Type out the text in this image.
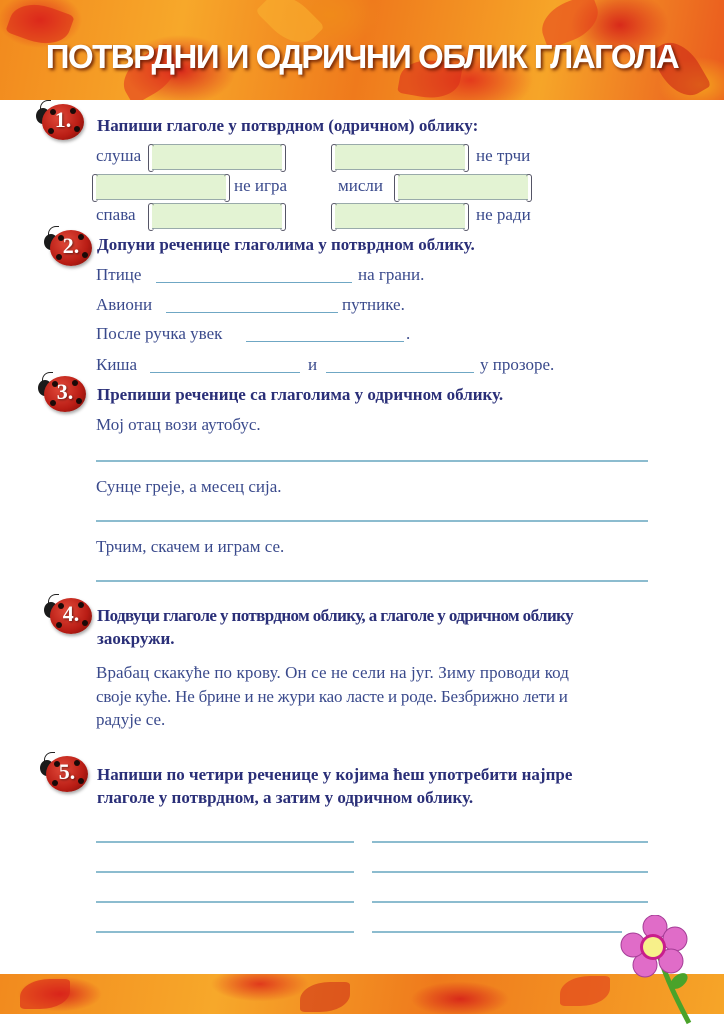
ПОТВРДНИ И ОДРИЧНИ ОБЛИК ГЛАГОЛА
1. Напиши глаголе у потврдном (одричном) облику:
слуша	не трчи
не игра	мисли
спава	не ради
2. Допуни реченице глаголима у потврдном облику.
Птице	на грани.
Авиони	путнике.
После ручка увек	.
Киша	и	у прозоре.
3. Препиши реченице са глаголима у одричном облику.
Мој отац вози аутобус.
Сунце греје, а месец сија.
Трчим, скачем и играм се.
4. Подвуци глаголе у потврдном облику, а глаголе у одричном облику
заокружи.
Врабац скакуће по крову. Он се не сели на југ. Зиму проводи код
своје куће. Не брине и не жури као ласте и роде. Безбрижно лети и
радује се.
5. Напиши по четири реченице у којима ћеш употребити најпре
глаголе у потврдном, а затим у одричном облику.
